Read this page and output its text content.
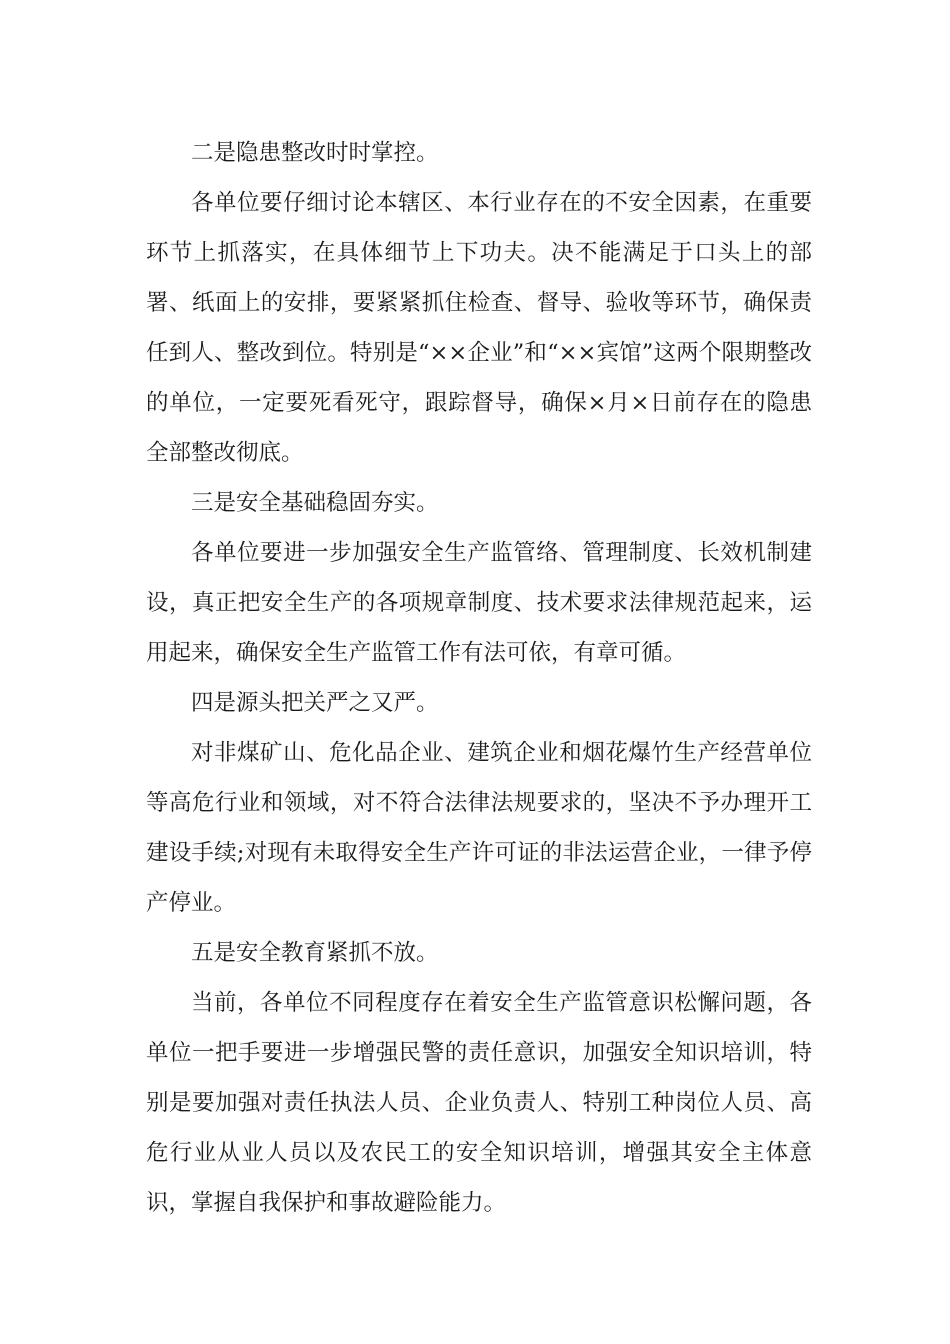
二是隐患整改时时掌控。

各单位要仔细讨论本辖区、本行业存在的不安全因素，在重要环节上抓落实，在具体细节上下功夫。决不能满足于口头上的部署、纸面上的安排，要紧紧抓住检查、督导、验收等环节，确保责任到人、整改到位。特别是“××企业”和“××宾馆”这两个限期整改的单位，一定要死看死守，跟踪督导，确保×月×日前存在的隐患全部整改彻底。

三是安全基础稳固夯实。

各单位要进一步加强安全生产监管络、管理制度、长效机制建设，真正把安全生产的各项规章制度、技术要求法律规范起来，运用起来，确保安全生产监管工作有法可依，有章可循。

四是源头把关严之又严。

对非煤矿山、危化品企业、建筑企业和烟花爆竹生产经营单位等高危行业和领域，对不符合法律法规要求的，坚决不予办理开工建设手续;对现有未取得安全生产许可证的非法运营企业，一律予停产停业。

五是安全教育紧抓不放。

当前，各单位不同程度存在着安全生产监管意识松懈问题，各单位一把手要进一步增强民警的责任意识，加强安全知识培训，特别是要加强对责任执法人员、企业负责人、特别工种岗位人员、高危行业从业人员以及农民工的安全知识培训，增强其安全主体意识，掌握自我保护和事故避险能力。
